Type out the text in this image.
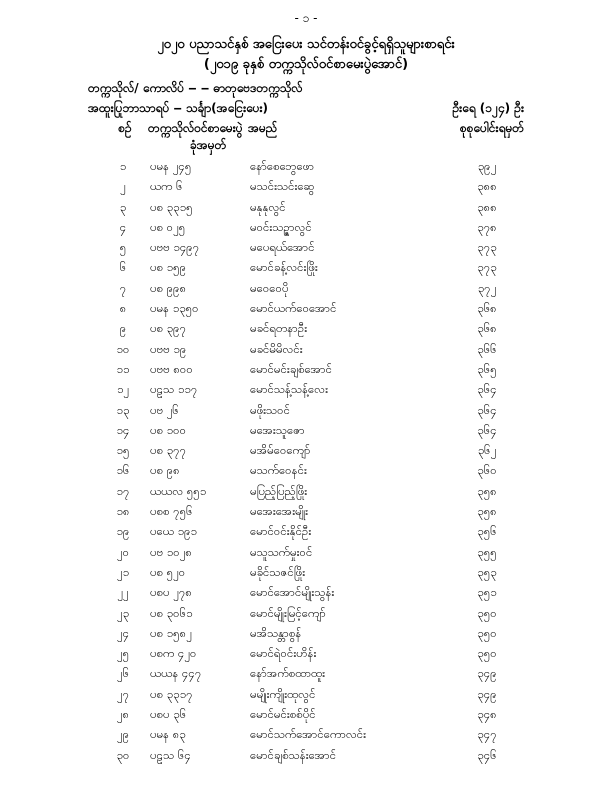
- ၁ -
၂၀၂၀ ပညာသင်နှစ် အငြေးပေး သင်တန်းဝင်ခွင့်ရရှိသူများစာရင်း
(၂၀၁၉ ခုနှစ် တက္ကသိုလ်ဝင်စာမေးပွဲအောင်)
တက္ကသိုလ်/ ကောလိပ် ‒ ‒ ဓာတုဗေဒတက္ကသိုလ်
အထူးပြုဘာသာရပ် ‒ သင်္ချာ(အငြေးပေး)	ဦးရေ (၁၂၄) ဦး
စဉ်	တက္ကသိုလ်ဝင်စာမေးပွဲ အမည်	စုစုပေါင်းရမှတ်
ခုံအမှတ်
၁	ပမန ၂၄၅	နော်စေဘွေဖော	၃၉၂
၂	ယက ၆	မသင်းသင်းဆွေ	၃၈၈
၃	ပစ ၃၃၁၅	မနုနုလွင်	၃၈၈
၄	ပစ ၀၂၅	မဝင်းသဥ္ဇာလွင်	၃၇၈
၅	ပဗဗ ၁၄၉၇	မပေရယ်အောင်	၃၇၃
၆	ပစ ၁၅၉	မောင်ခန့်လင်းဖြိုး	၃၇၃
၇	ပစ ၉၉၈	မဝေဝေပို	၃၇၂
၈	ပမန ၁၃၅၀	မောင်ယက်ဝေအောင်	၃၆၈
၉	ပစ ၃၉၇	မခင်ရတနာဦး	၃၆၈
၁၀	ပဗဗ ၁၉	မခင်မိမိလင်း	၃၆၆
၁၁	ပဗဗ ၈၀၀	မောင်မင်းချစ်အောင်	၃၆၅
၁၂	ပဠသ ၁၁၇	မောင်သန့်သန့်လေး	၃၆၄
၁၃	ပဗ ၂၆	မဖိုးသဝင်	၃၆၄
၁၄	ပစ ၁၀၀	မအေးသူဇော	၃၆၄
၁၅	ပစ ၃၇၇	မအိမ်ဝေကျော်	၃၆၂
၁၆	ပစ ၉၈	မသက်ဝေနင်း	၃၆၀
၁၇	ယယလ ၅၅၁	မပြည့်ပြည့်ဖြိုး	၃၅၈
၁၈	ပစစ ၇၅၆	မအေးအေးမျိုး	၃၅၈
၁၉	ပယေ ၁၉၁	မောင်ဝင်းနိုင်ဦး	၃၅၆
၂၀	ပဗ ၁၀၂၈	မသူသက်မှုးဝင်	၃၅၅
၂၁	ပစ ၅၂၀	မခိုင်သဇင်ဖြိုး	၃၅၃
၂၂	ပစပ ၂၇၈	မောင်အောင်မျိုးသွန်း	၃၅၁
၂၃	ပစ ၃၀၆၁	မောင်မျိုးမြင့်ကျော်	၃၅၀
၂၄	ပစ ၁၅၈၂	မအိသန္တာစွန်	၃၅၀
၂၅	ပစက ၄၂၀	မောင်ရဲဝင်းဟိန်း	၃၅၀
၂၆	ယယန ၄၄၇	နော်အက်စထာထူး	၃၄၉
၂၇	ပစ ၃၃၁၇	မမျိုးကျိုးထုလွင်	၃၄၉
၂၈	ပစပ ၃၆	မောင်မင်းစစ်ပိုင်	၃၄၈
၂၉	ပမန ၈၃	မောင်သက်အောင်ကောလင်း	၃၄၇
၃၀	ပဠသ ၆၄	မောင်ချစ်သန်းအောင်	၃၄၆
